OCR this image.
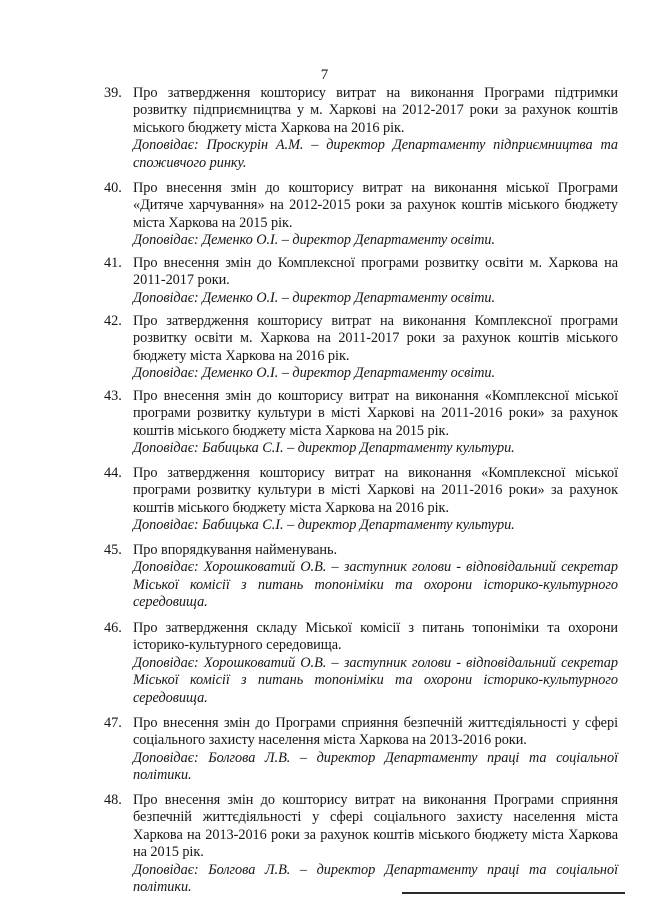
7
39. Про затвердження кошторису витрат на виконання Програми підтримки розвитку підприємництва у м. Харкові на 2012-2017 роки за рахунок коштів міського бюджету міста Харкова на 2016 рік.
Доповідає: Проскурін А.М. – директор Департаменту підприємництва та споживчого ринку.
40. Про внесення змін до кошторису витрат на виконання міської Програми «Дитяче харчування» на 2012-2015 роки за рахунок коштів міського бюджету міста Харкова на 2015 рік.
Доповідає: Деменко О.І. – директор Департаменту освіти.
41. Про внесення змін до Комплексної програми розвитку освіти м. Харкова на 2011-2017 роки.
Доповідає: Деменко О.І. – директор Департаменту освіти.
42. Про затвердження кошторису витрат на виконання Комплексної програми розвитку освіти м. Харкова на 2011-2017 роки за рахунок коштів міського бюджету міста Харкова на 2016 рік.
Доповідає: Деменко О.І. – директор Департаменту освіти.
43. Про внесення змін до кошторису витрат на виконання «Комплексної міської програми розвитку культури в місті Харкові на 2011-2016 роки» за рахунок коштів міського бюджету міста Харкова на 2015 рік.
Доповідає: Бабицька С.І. – директор Департаменту культури.
44. Про затвердження кошторису витрат на виконання «Комплексної міської програми розвитку культури в місті Харкові на 2011-2016 роки» за рахунок коштів міського бюджету міста Харкова на 2016 рік.
Доповідає: Бабицька С.І. – директор Департаменту культури.
45. Про впорядкування найменувань.
Доповідає: Хорошковатий О.В. – заступник голови - відповідальний секретар Міської комісії з питань топоніміки та охорони історико-культурного середовища.
46. Про затвердження складу Міської комісії з питань топоніміки та охорони історико-культурного середовища.
Доповідає: Хорошковатий О.В. – заступник голови - відповідальний секретар Міської комісії з питань топоніміки та охорони історико-культурного середовища.
47. Про внесення змін до Програми сприяння безпечній життєдіяльності у сфері соціального захисту населення міста Харкова на 2013-2016 роки.
Доповідає: Болгова Л.В. – директор Департаменту праці та соціальної політики.
48. Про внесення змін до кошторису витрат на виконання Програми сприяння безпечній життєдіяльності у сфері соціального захисту населення міста Харкова на 2013-2016 роки за рахунок коштів міського бюджету міста Харкова на 2015 рік.
Доповідає: Болгова Л.В. – директор Департаменту праці та соціальної політики.
